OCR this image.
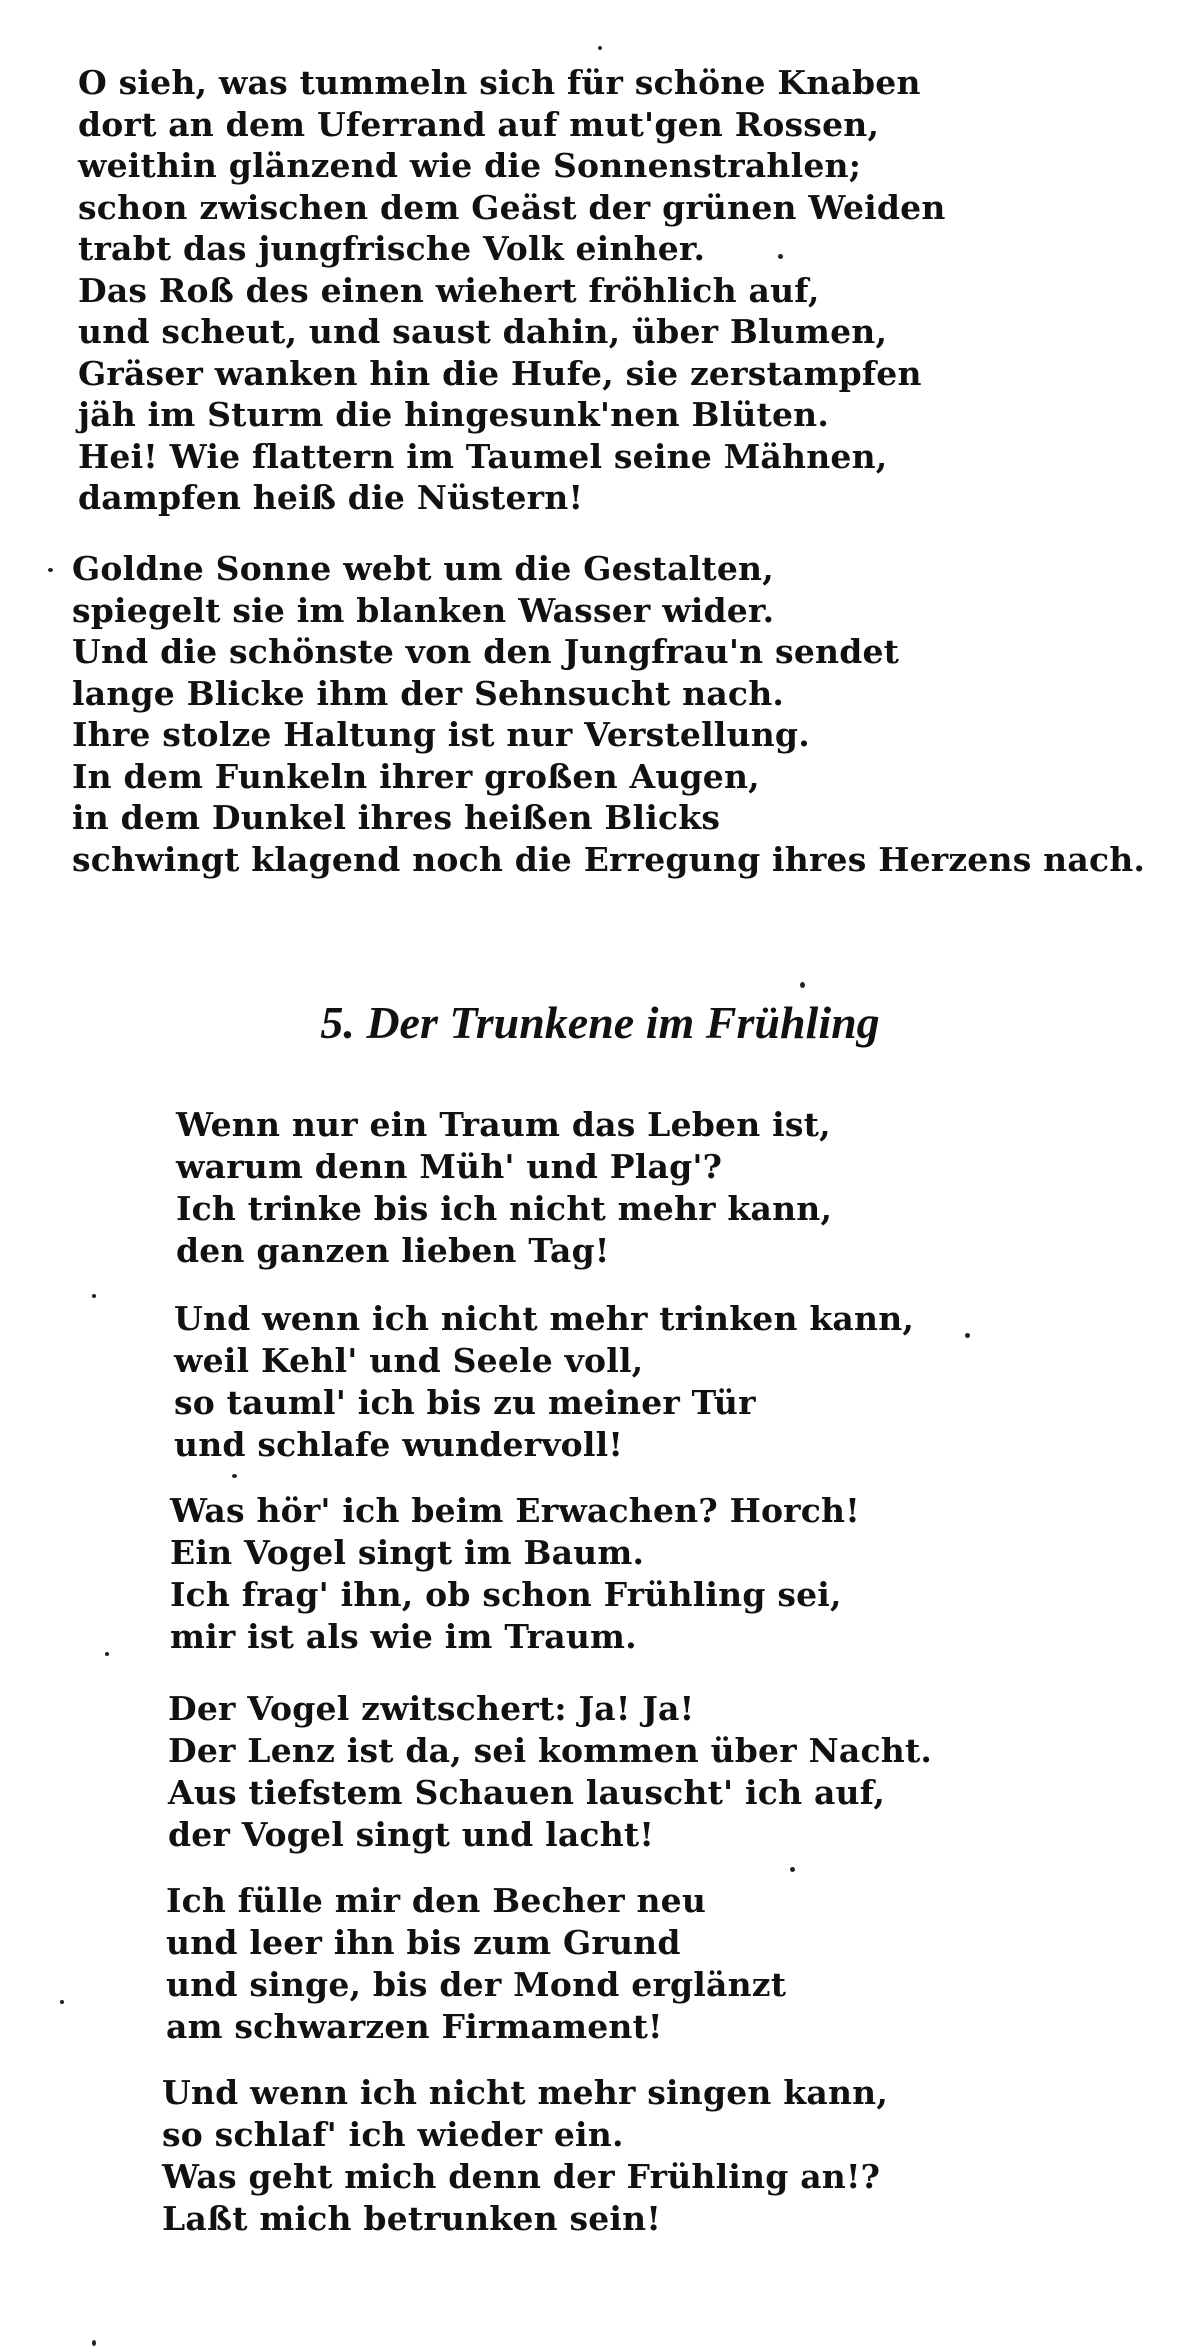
O sieh, was tummeln sich für schöne Knaben
dort an dem Uferrand auf mut'gen Rossen,
weithin glänzend wie die Sonnenstrahlen;
schon zwischen dem Geäst der grünen Weiden
trabt das jungfrische Volk einher.
Das Roß des einen wiehert fröhlich auf,
und scheut, und saust dahin, über Blumen,
Gräser wanken hin die Hufe, sie zerstampfen
jäh im Sturm die hingesunk'nen Blüten.
Hei! Wie flattern im Taumel seine Mähnen,
dampfen heiß die Nüstern!
Goldne Sonne webt um die Gestalten,
spiegelt sie im blanken Wasser wider.
Und die schönste von den Jungfrau'n sendet
lange Blicke ihm der Sehnsucht nach.
Ihre stolze Haltung ist nur Verstellung.
In dem Funkeln ihrer großen Augen,
in dem Dunkel ihres heißen Blicks
schwingt klagend noch die Erregung ihres Herzens nach.
5. Der Trunkene im Frühling
Wenn nur ein Traum das Leben ist,
warum denn Müh' und Plag'?
Ich trinke bis ich nicht mehr kann,
den ganzen lieben Tag!
Und wenn ich nicht mehr trinken kann,
weil Kehl' und Seele voll,
so tauml' ich bis zu meiner Tür
und schlafe wundervoll!
Was hör' ich beim Erwachen? Horch!
Ein Vogel singt im Baum.
Ich frag' ihn, ob schon Frühling sei,
mir ist als wie im Traum.
Der Vogel zwitschert: Ja! Ja!
Der Lenz ist da, sei kommen über Nacht.
Aus tiefstem Schauen lauscht' ich auf,
der Vogel singt und lacht!
Ich fülle mir den Becher neu
und leer ihn bis zum Grund
und singe, bis der Mond erglänzt
am schwarzen Firmament!
Und wenn ich nicht mehr singen kann,
so schlaf' ich wieder ein.
Was geht mich denn der Frühling an!?
Laßt mich betrunken sein!
